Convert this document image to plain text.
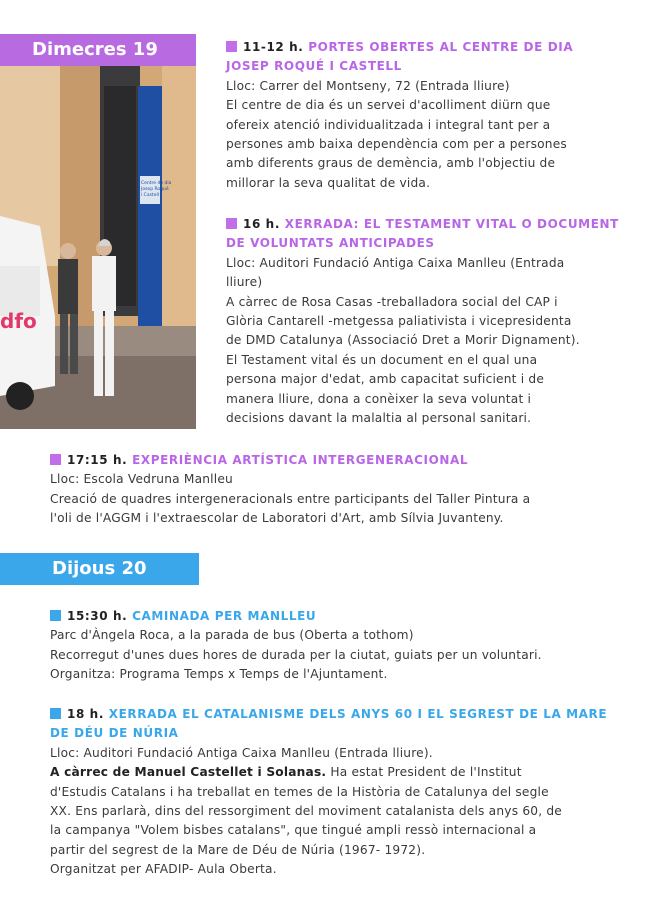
Dimecres 19
Centre de dia
Josep Roqué
i Castell
dfo
11-12 h. PORTES OBERTES AL CENTRE DE DIA
JOSEP ROQUÉ I CASTELL
Lloc: Carrer del Montseny, 72 (Entrada lliure)
El centre de dia és un servei d'acolliment diürn que
ofereix atenció individualitzada i integral tant per a
persones amb baixa dependència com per a persones
amb diferents graus de demència, amb l'objectiu de
millorar la seva qualitat de vida.
16 h. XERRADA: EL TESTAMENT VITAL O DOCUMENT
DE VOLUNTATS ANTICIPADES
Lloc: Auditori Fundació Antiga Caixa Manlleu (Entrada
lliure)
A càrrec de Rosa Casas -treballadora social del CAP i
Glòria Cantarell -metgessa paliativista i vicepresidenta
de DMD Catalunya (Associació Dret a Morir Dignament).
El Testament vital és un document en el qual una
persona major d'edat, amb capacitat suficient i de
manera lliure, dona a conèixer la seva voluntat i
decisions davant la malaltia al personal sanitari.
17:15 h. EXPERIÈNCIA ARTÍSTICA INTERGENERACIONAL
Lloc: Escola Vedruna Manlleu
Creació de quadres intergeneracionals entre participants del Taller Pintura a
l'oli de l'AGGM i l'extraescolar de Laboratori d'Art, amb Sílvia Juvanteny.
Dijous 20
15:30 h. CAMINADA PER MANLLEU
Parc d'Àngela Roca, a la parada de bus (Oberta a tothom)
Recorregut d'unes dues hores de durada per la ciutat, guiats per un voluntari.
Organitza: Programa Temps x Temps de l'Ajuntament.
18 h. XERRADA EL CATALANISME DELS ANYS 60 I EL SEGREST DE LA MARE
DE DÉU DE NÚRIA
Lloc: Auditori Fundació Antiga Caixa Manlleu (Entrada lliure).
A càrrec de Manuel Castellet i Solanas. Ha estat President de l'Institut
d'Estudis Catalans i ha treballat en temes de la Història de Catalunya del segle
XX. Ens parlarà, dins del ressorgiment del moviment catalanista dels anys 60, de
la campanya "Volem bisbes catalans", que tingué ampli ressò internacional a
partir del segrest de la Mare de Déu de Núria (1967- 1972).
Organitzat per AFADIP- Aula Oberta.
